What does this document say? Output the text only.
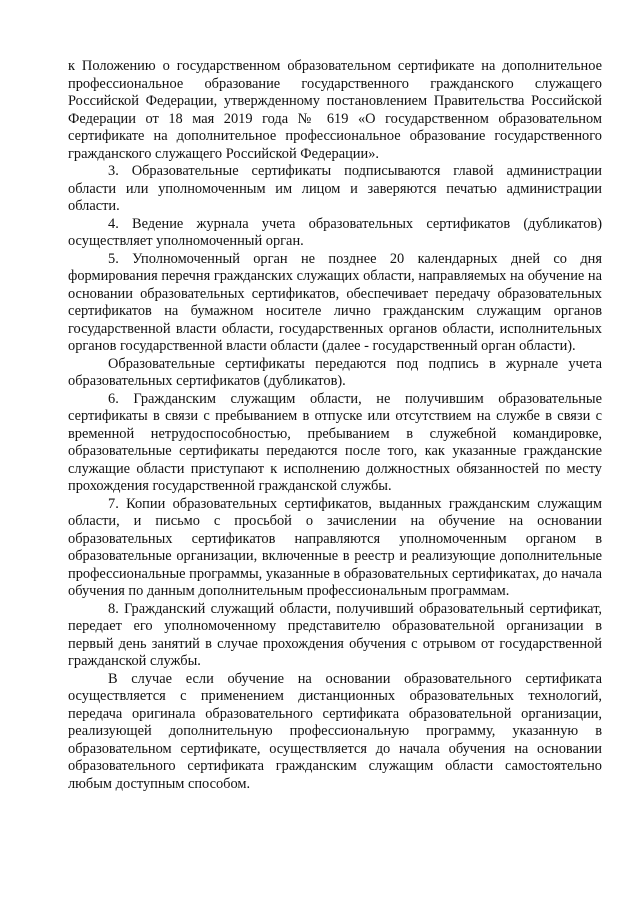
к Положению о государственном образовательном сертификате на дополнительное профессиональное образование государственного гражданского служащего Российской Федерации, утвержденному постановлением Правительства Российской Федерации от 18 мая 2019 года № 619 «О государственном образовательном сертификате на дополнительное профессиональное образование государственного гражданского служащего Российской Федерации».

3. Образовательные сертификаты подписываются главой администрации области или уполномоченным им лицом и заверяются печатью администрации области.

4. Ведение журнала учета образовательных сертификатов (дубликатов) осуществляет уполномоченный орган.

5. Уполномоченный орган не позднее 20 календарных дней со дня формирования перечня гражданских служащих области, направляемых на обучение на основании образовательных сертификатов, обеспечивает передачу образовательных сертификатов на бумажном носителе лично гражданским служащим органов государственной власти области, государственных органов области, исполнительных органов государственной власти области (далее - государственный орган области).

Образовательные сертификаты передаются под подпись в журнале учета образовательных сертификатов (дубликатов).

6. Гражданским служащим области, не получившим образовательные сертификаты в связи с пребыванием в отпуске или отсутствием на службе в связи с временной нетрудоспособностью, пребыванием в служебной командировке, образовательные сертификаты передаются после того, как указанные гражданские служащие области приступают к исполнению должностных обязанностей по месту прохождения государственной гражданской службы.

7. Копии образовательных сертификатов, выданных гражданским служащим области, и письмо с просьбой о зачислении на обучение на основании образовательных сертификатов направляются уполномоченным органом в образовательные организации, включенные в реестр и реализующие дополнительные профессиональные программы, указанные в образовательных сертификатах, до начала обучения по данным дополнительным профессиональным программам.

8. Гражданский служащий области, получивший образовательный сертификат, передает его уполномоченному представителю образовательной организации в первый день занятий в случае прохождения обучения с отрывом от государственной гражданской службы.

В случае если обучение на основании образовательного сертификата осуществляется с применением дистанционных образовательных технологий, передача оригинала образовательного сертификата образовательной организации, реализующей дополнительную профессиональную программу, указанную в образовательном сертификате, осуществляется до начала обучения на основании образовательного сертификата гражданским служащим области самостоятельно любым доступным способом.
